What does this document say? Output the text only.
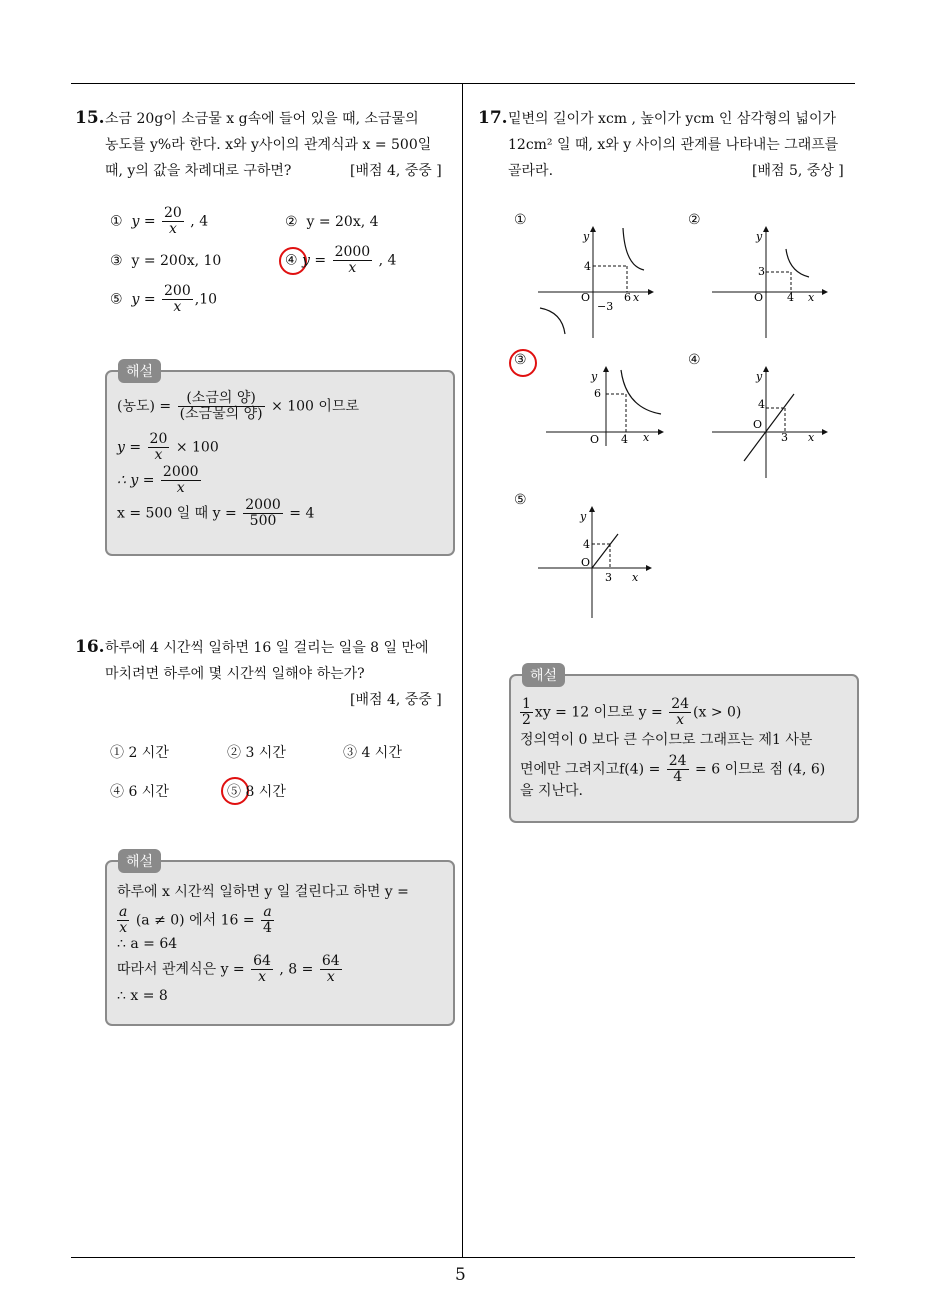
5
15. 소금 20g이 소금물 x g속에 들어 있을 때, 소금물의
농도를 y%라 한다. x와 y사이의 관계식과 x = 500일
때, y의 값을 차례대로 구하면?	[배점 4, 중중 ]
① $y = \frac{20}{x}$ , 4	② y = 20x, 4
③ y = 200x, 10	④ $y = \frac{2000}{x}$ , 4
⑤ $y = \frac{200}{x} ,10$
해설
(농도) = $\frac{\text{(소금의 양)}}{\text{(소금물의 양)}} \times 100$ 이므로
$y = \frac{20}{x} \times 100$
∴ $y = \frac{2000}{x}$
x = 500 일 때 $y = \frac{2000}{500} = 4$
16. 하루에 4 시간씩 일하면 16 일 걸리는 일을 8 일 만에
마치려면 하루에 몇 시간씩 일해야 하는가?
[배점 4, 중중 ]
① 2 시간	② 3 시간	③ 4 시간
④ 6 시간	⑤ 8 시간
해설
하루에 x 시간씩 일하면 y 일 걸린다고 하면 y =
$\frac{a}{x} (a \ne 0)$ 에서 $16 = \frac{a}{4}$
∴ a = 64
따라서 관계식은 $y = \frac{64}{x}$ , $8 = \frac{64}{x}$
∴ x = 8
17. 밑변의 길이가 xcm , 높이가 ycm 인 삼각형의 넓이가
12cm² 일 때, x와 y 사이의 관계를 나타내는 그래프를
골라라.	[배점 5, 중상 ]
①	②
③	④
⑤
y
x
O
4
6
−3
y
x
O
3
4
y
x
O
6
4
y
x
O
4
3
y
x
O
4
3
해설
$\frac{1}{2}$ xy = 12 이므로 $y = \frac{24}{x} (x > 0)$
정의역이 0 보다 큰 수이므로 그래프는 제1 사분
면에만 그려지고$f(4) = \frac{24}{4} = 6$ 이므로 점 (4, 6)
을 지난다.
